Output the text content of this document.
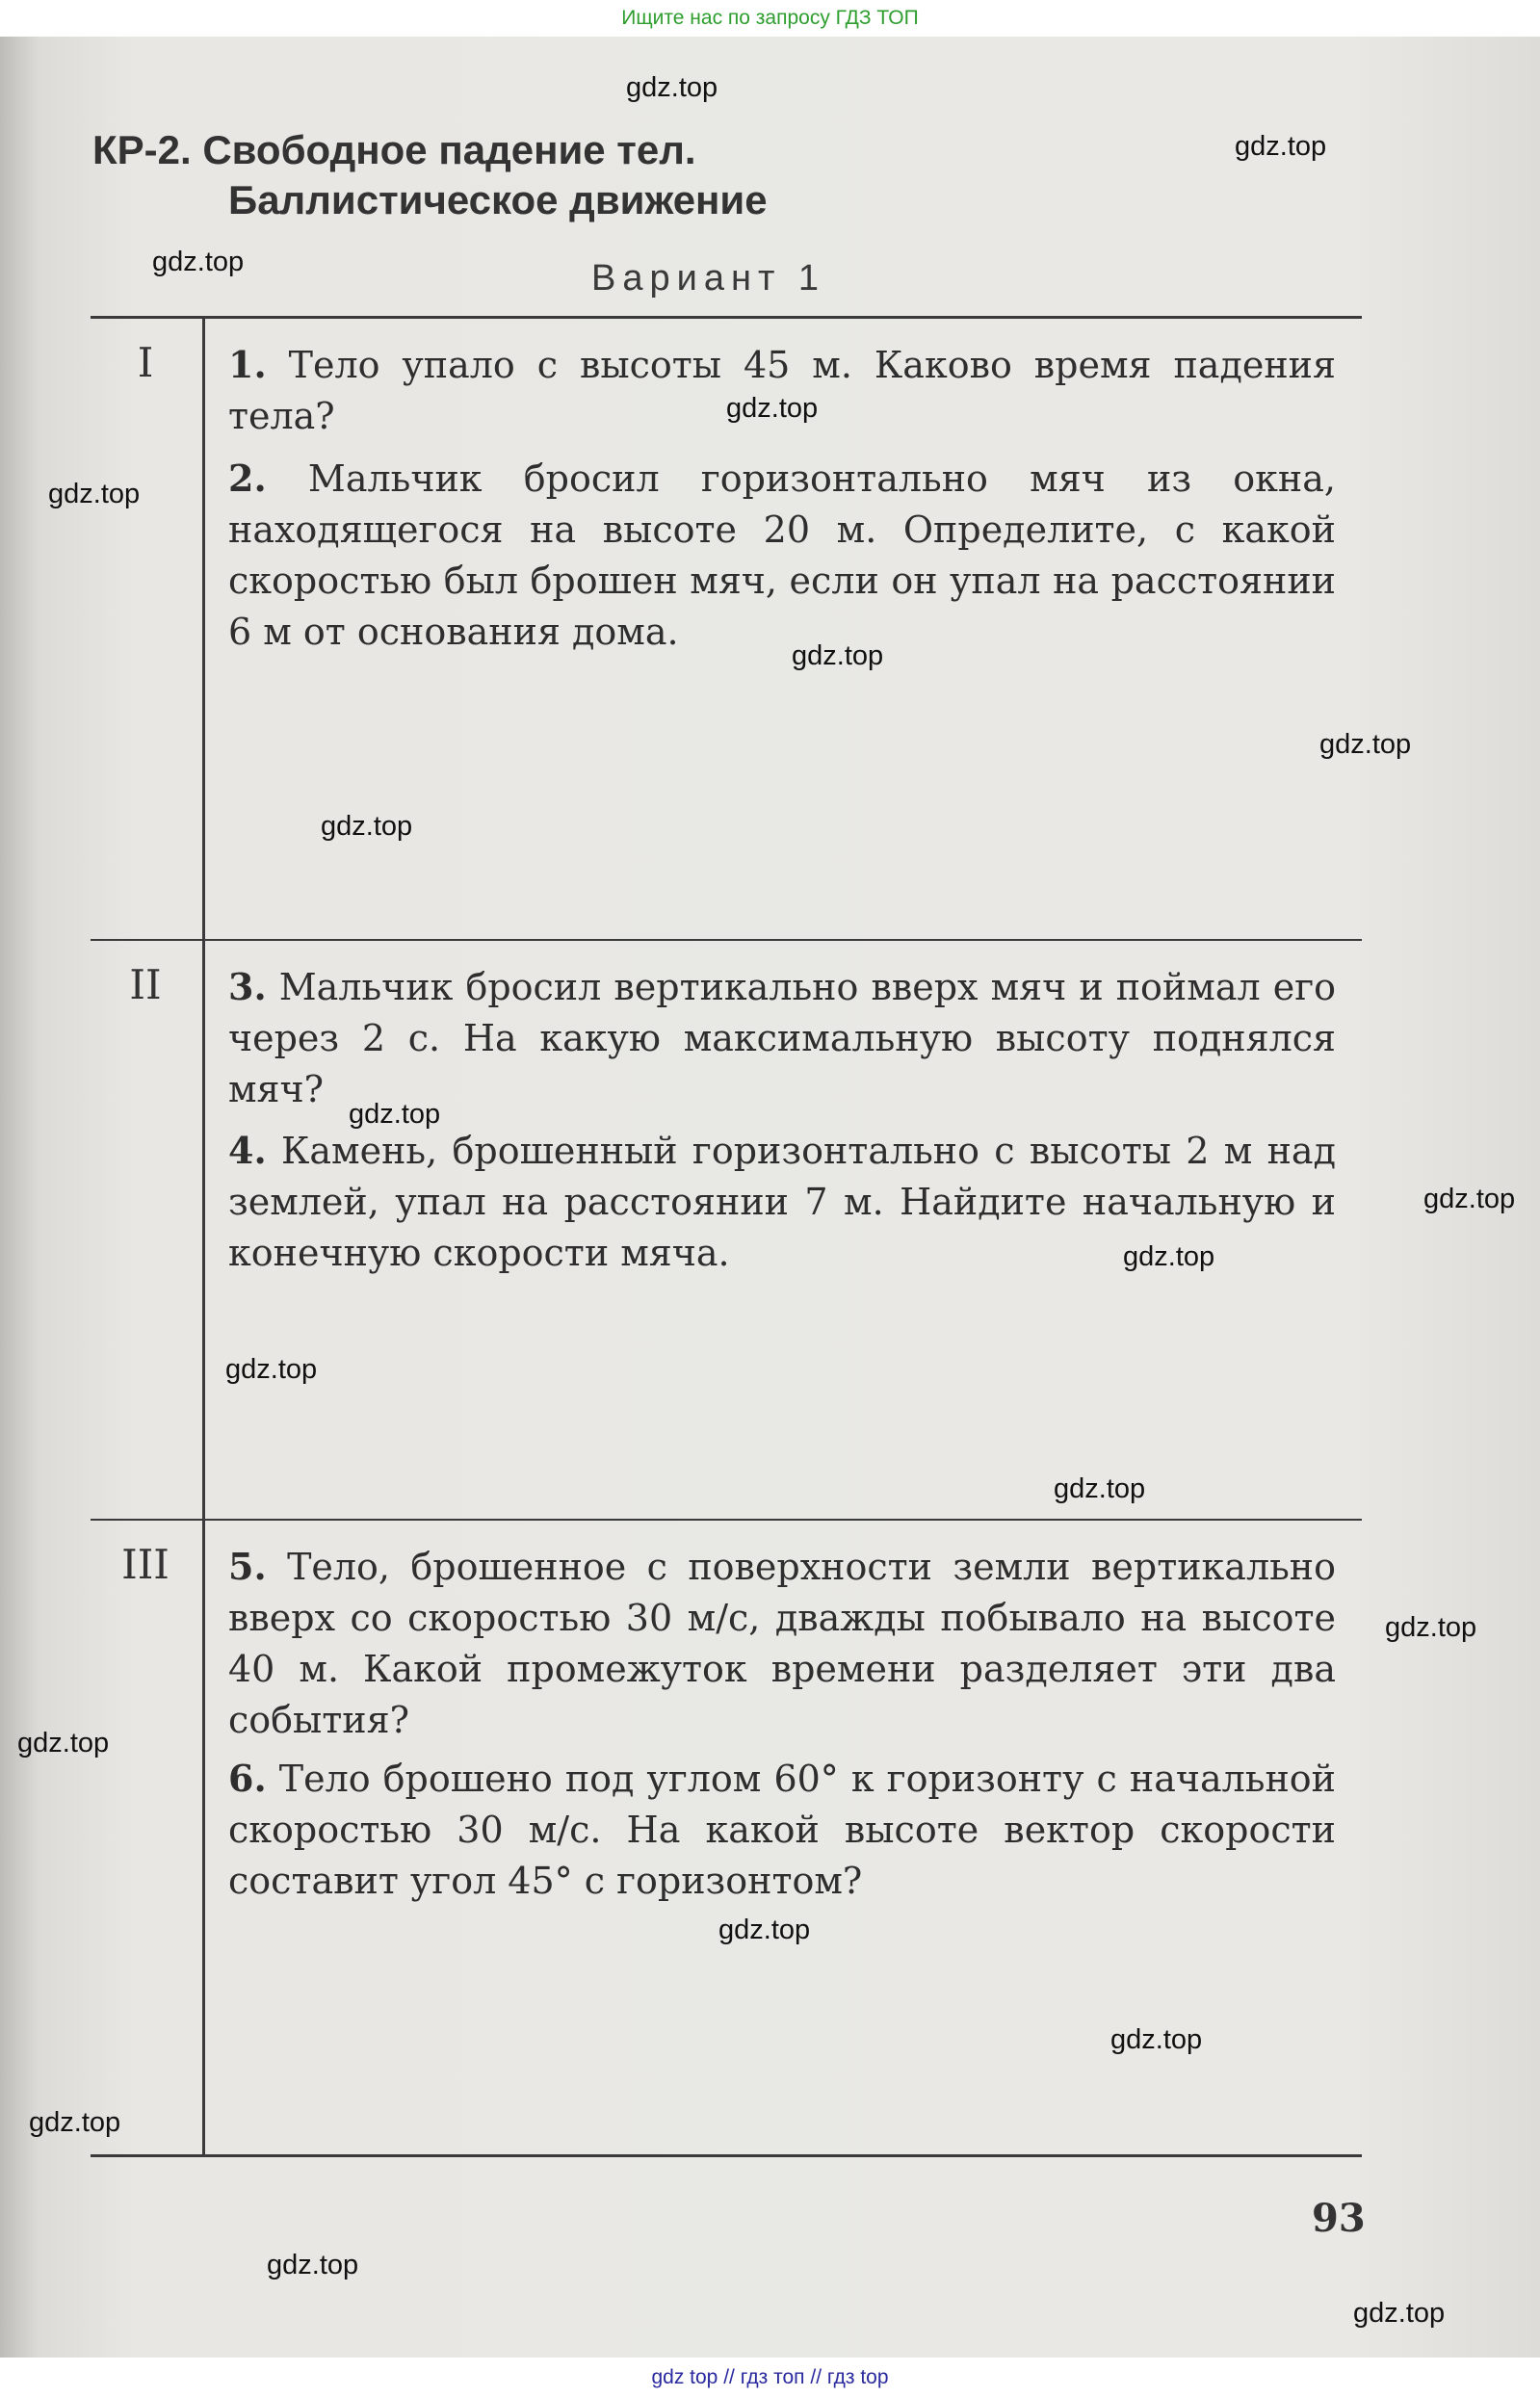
Ищите нас по запросу ГДЗ ТОП
КР-2. Свободное падение тел.
Баллистическое движение
Вариант 1
I	1. Тело упало с высоты 45 м. Каково время падения тела?
2. Мальчик бросил горизонтально мяч из окна, находящегося на высоте 20 м. Определите, с какой скоростью был брошен мяч, если он упал на расстоянии 6 м от основания дома.
II	3. Мальчик бросил вертикально вверх мяч и поймал его через 2 с. На какую максимальную высоту поднялся мяч?
4. Камень, брошенный горизонтально с высоты 2 м над землей, упал на расстоянии 7 м. Найдите начальную и конечную скорости мяча.
III	5. Тело, брошенное с поверхности земли вертикально вверх со скоростью 30 м/с, дважды побывало на высоте 40 м. Какой промежуток времени разделяет эти два события?
6. Тело брошено под углом 60° к горизонту с начальной скоростью 30 м/с. На какой высоте вектор скорости составит угол 45° с горизонтом?
93
gdz.top
gdz.top
gdz.top
gdz.top
gdz.top
gdz.top
gdz.top
gdz.top
gdz.top
gdz.top
gdz.top
gdz.top
gdz.top
gdz.top
gdz.top
gdz.top
gdz.top
gdz.top
gdz.top
gdz.top
gdz top // гдз топ // гдз top
